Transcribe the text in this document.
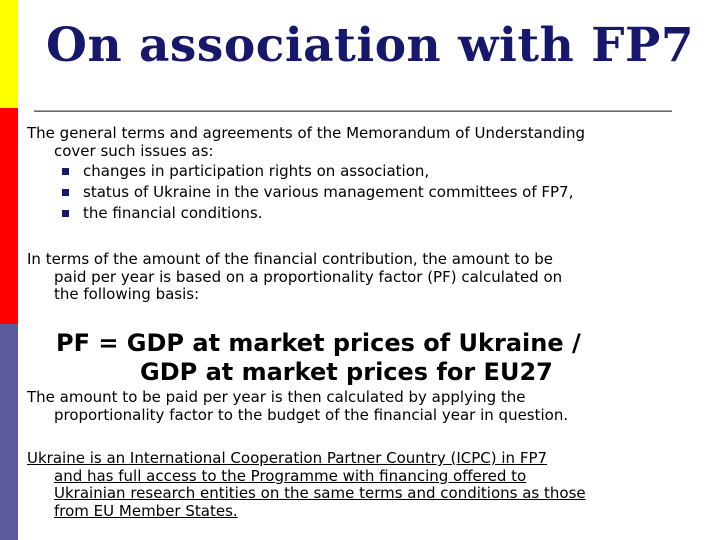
On association with FP7

The general terms and agreements of the Memorandum of Understanding
cover such issues as:

changes in participation rights on association,
status of Ukraine in the various management committees of FP7,
the financial conditions.

In terms of the amount of the financial contribution, the amount to be
paid per year is based on a proportionality factor (PF) calculated on
the following basis:

PF = GDP at market prices of Ukraine /
GDP at market prices for EU27

The amount to be paid per year is then calculated by applying the
proportionality factor to the budget of the financial year in question.

Ukraine is an International Cooperation Partner Country (ICPC) in FP7
and has full access to the Programme with financing offered to
Ukrainian research entities on the same terms and conditions as those
from EU Member States.
